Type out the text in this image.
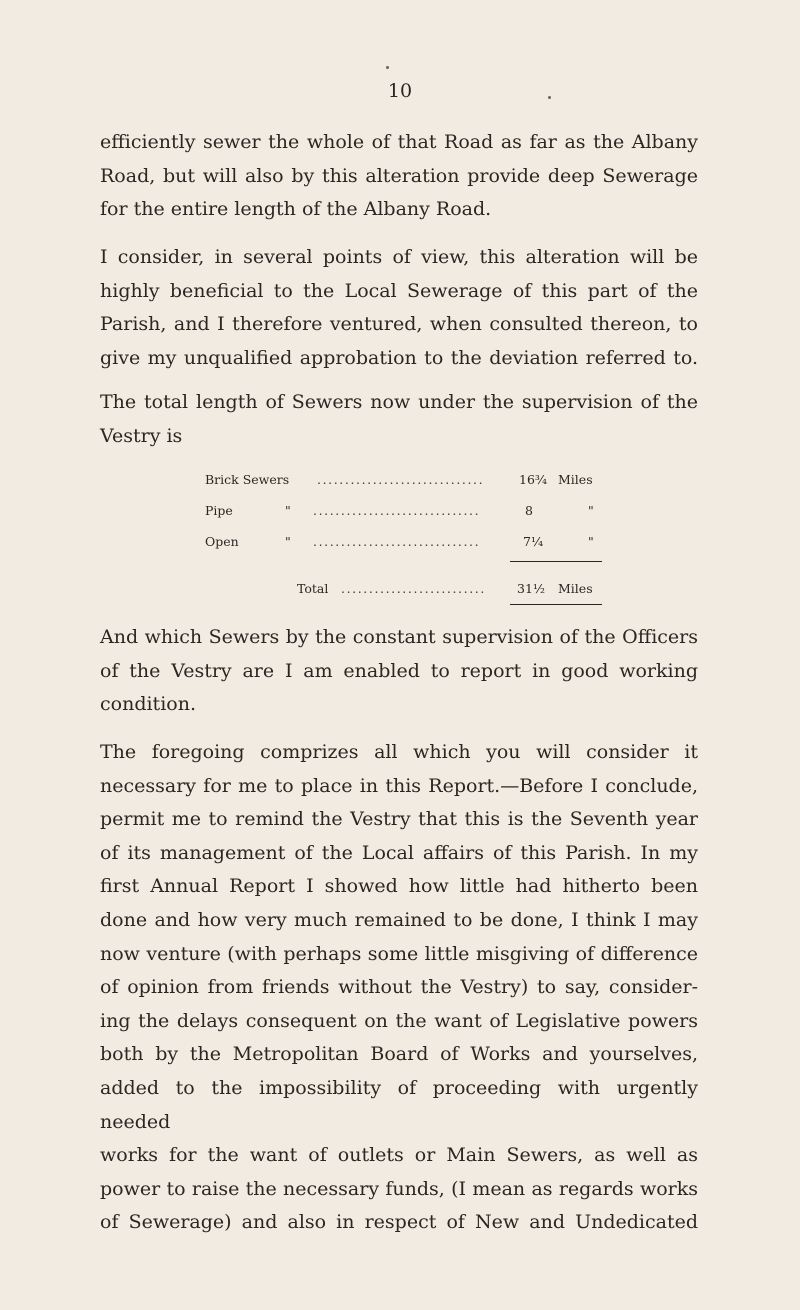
10

efficiently sewer the whole of that Road as far as the Albany
Road, but will also by this alteration provide deep Sewerage
for the entire length of the Albany Road.

I consider, in several points of view, this alteration will be
highly beneficial to the Local Sewerage of this part of the
Parish, and I therefore ventured, when consulted thereon, to
give my unqualified approbation to the deviation referred to.

The total length of Sewers now under the supervision of the
Vestry is

Brick Sewers ..............................	16¾ Miles
Pipe	" ..............................	8	"
Open	" ..............................	7¼	"
Total ..........................	31½ Miles

And which Sewers by the constant supervision of the Officers
of the Vestry are I am enabled to report in good working
condition.

The foregoing comprizes all which you will consider it
necessary for me to place in this Report.—Before I conclude,
permit me to remind the Vestry that this is the Seventh year
of its management of the Local affairs of this Parish. In my
first Annual Report I showed how little had hitherto been
done and how very much remained to be done, I think I may
now venture (with perhaps some little misgiving of difference
of opinion from friends without the Vestry) to say, consider-
ing the delays consequent on the want of Legislative powers
both by the Metropolitan Board of Works and yourselves,
added to the impossibility of proceeding with urgently needed
works for the want of outlets or Main Sewers, as well as
power to raise the necessary funds, (I mean as regards works
of Sewerage) and also in respect of New and Undedicated
